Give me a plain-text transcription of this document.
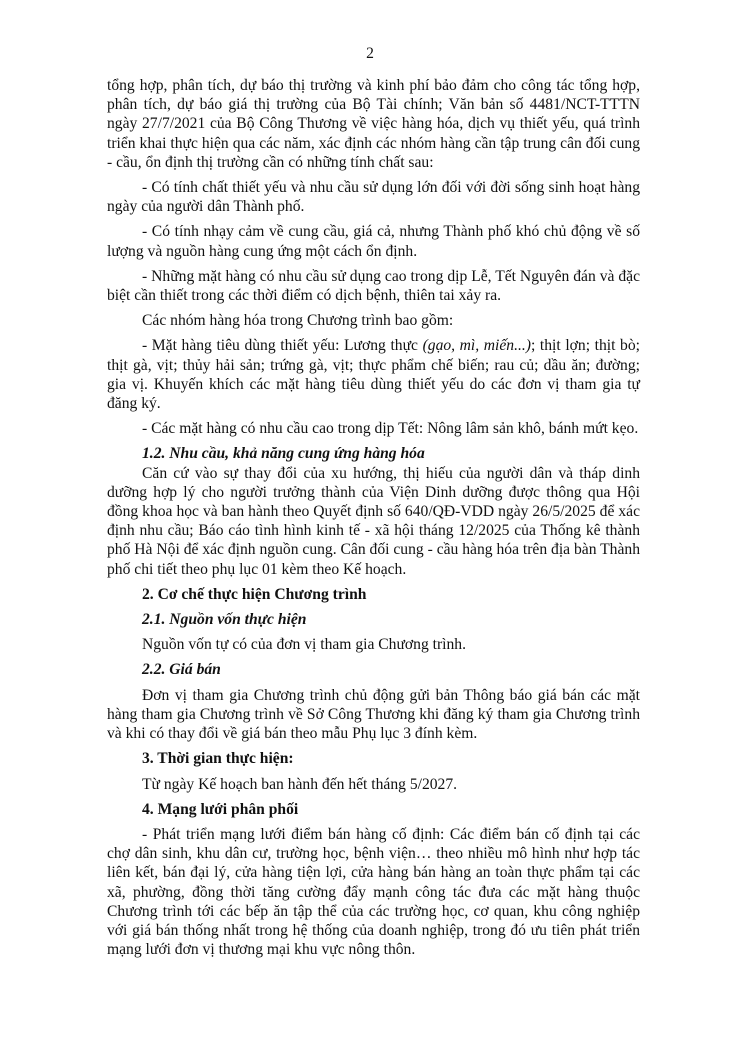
2

tổng hợp, phân tích, dự báo thị trường và kinh phí bảo đảm cho công tác tổng hợp, phân tích, dự báo giá thị trường của Bộ Tài chính; Văn bản số 4481/NCT-TTTN ngày 27/7/2021 của Bộ Công Thương về việc hàng hóa, dịch vụ thiết yếu, quá trình triển khai thực hiện qua các năm, xác định các nhóm hàng cần tập trung cân đối cung - cầu, ổn định thị trường cần có những tính chất sau:

- Có tính chất thiết yếu và nhu cầu sử dụng lớn đối với đời sống sinh hoạt hàng ngày của người dân Thành phố.

- Có tính nhạy cảm về cung cầu, giá cả, nhưng Thành phố khó chủ động về số lượng và nguồn hàng cung ứng một cách ổn định.

- Những mặt hàng có nhu cầu sử dụng cao trong dịp Lễ, Tết Nguyên đán và đặc biệt cần thiết trong các thời điểm có dịch bệnh, thiên tai xảy ra.

Các nhóm hàng hóa trong Chương trình bao gồm:

- Mặt hàng tiêu dùng thiết yếu: Lương thực (gạo, mì, miến...); thịt lợn; thịt bò; thịt gà, vịt; thủy hải sản; trứng gà, vịt; thực phẩm chế biến; rau củ; dầu ăn; đường; gia vị. Khuyến khích các mặt hàng tiêu dùng thiết yếu do các đơn vị tham gia tự đăng ký.

- Các mặt hàng có nhu cầu cao trong dịp Tết: Nông lâm sản khô, bánh mứt kẹo.

1.2. Nhu cầu, khả năng cung ứng hàng hóa

Căn cứ vào sự thay đổi của xu hướng, thị hiếu của người dân và tháp dinh dưỡng hợp lý cho người trưởng thành của Viện Dinh dưỡng được thông qua Hội đồng khoa học và ban hành theo Quyết định số 640/QĐ-VDD ngày 26/5/2025 để xác định nhu cầu; Báo cáo tình hình kinh tế - xã hội tháng 12/2025 của Thống kê thành phố Hà Nội để xác định nguồn cung. Cân đối cung - cầu hàng hóa trên địa bàn Thành phố chi tiết theo phụ lục 01 kèm theo Kế hoạch.

2. Cơ chế thực hiện Chương trình

2.1. Nguồn vốn thực hiện

Nguồn vốn tự có của đơn vị tham gia Chương trình.

2.2. Giá bán

Đơn vị tham gia Chương trình chủ động gửi bản Thông báo giá bán các mặt hàng tham gia Chương trình về Sở Công Thương khi đăng ký tham gia Chương trình và khi có thay đổi về giá bán theo mẫu Phụ lục 3 đính kèm.

3. Thời gian thực hiện:

Từ ngày Kế hoạch ban hành đến hết tháng 5/2027.

4. Mạng lưới phân phối

- Phát triển mạng lưới điểm bán hàng cố định: Các điểm bán cố định tại các chợ dân sinh, khu dân cư, trường học, bệnh viện… theo nhiều mô hình như hợp tác liên kết, bán đại lý, cửa hàng tiện lợi, cửa hàng bán hàng an toàn thực phẩm tại các xã, phường, đồng thời tăng cường đẩy mạnh công tác đưa các mặt hàng thuộc Chương trình tới các bếp ăn tập thể của các trường học, cơ quan, khu công nghiệp với giá bán thống nhất trong hệ thống của doanh nghiệp, trong đó ưu tiên phát triển mạng lưới đơn vị thương mại khu vực nông thôn.
